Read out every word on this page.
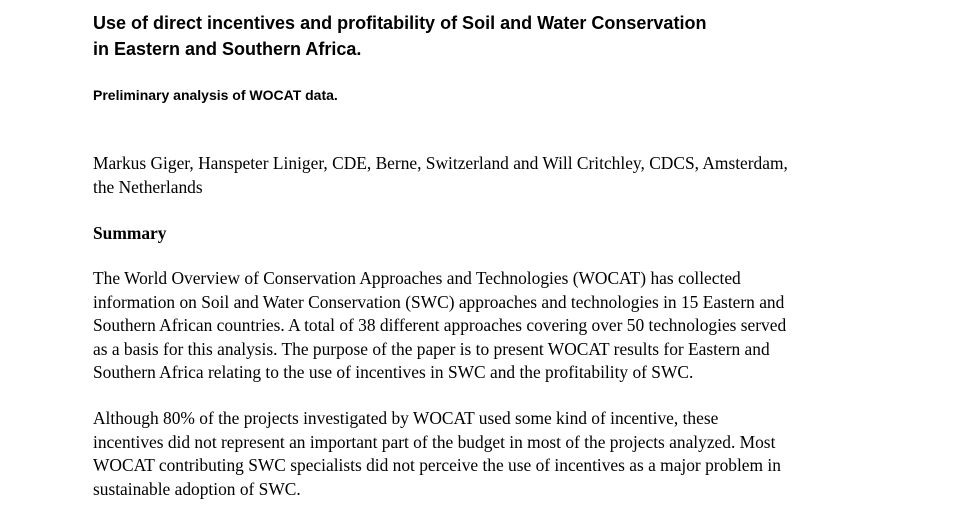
Use of direct incentives and profitability of Soil and Water Conservation
in Eastern and Southern Africa.
Preliminary analysis of WOCAT data.
Markus Giger, Hanspeter Liniger, CDE, Berne, Switzerland and Will Critchley, CDCS, Amsterdam,
the Netherlands
Summary
The World Overview of Conservation Approaches and Technologies (WOCAT) has collected
information on Soil and Water Conservation (SWC) approaches and technologies in 15 Eastern and
Southern African countries. A total of 38 different approaches covering over 50 technologies served
as a basis for this analysis. The purpose of the paper is to present WOCAT results for Eastern and
Southern Africa relating to the use of incentives in SWC and the profitability of SWC.
Although 80% of the projects investigated by WOCAT used some kind of incentive, these
incentives did not represent an important part of the budget in most of the projects analyzed. Most
WOCAT contributing SWC specialists did not perceive the use of incentives as a major problem in
sustainable adoption of SWC.
